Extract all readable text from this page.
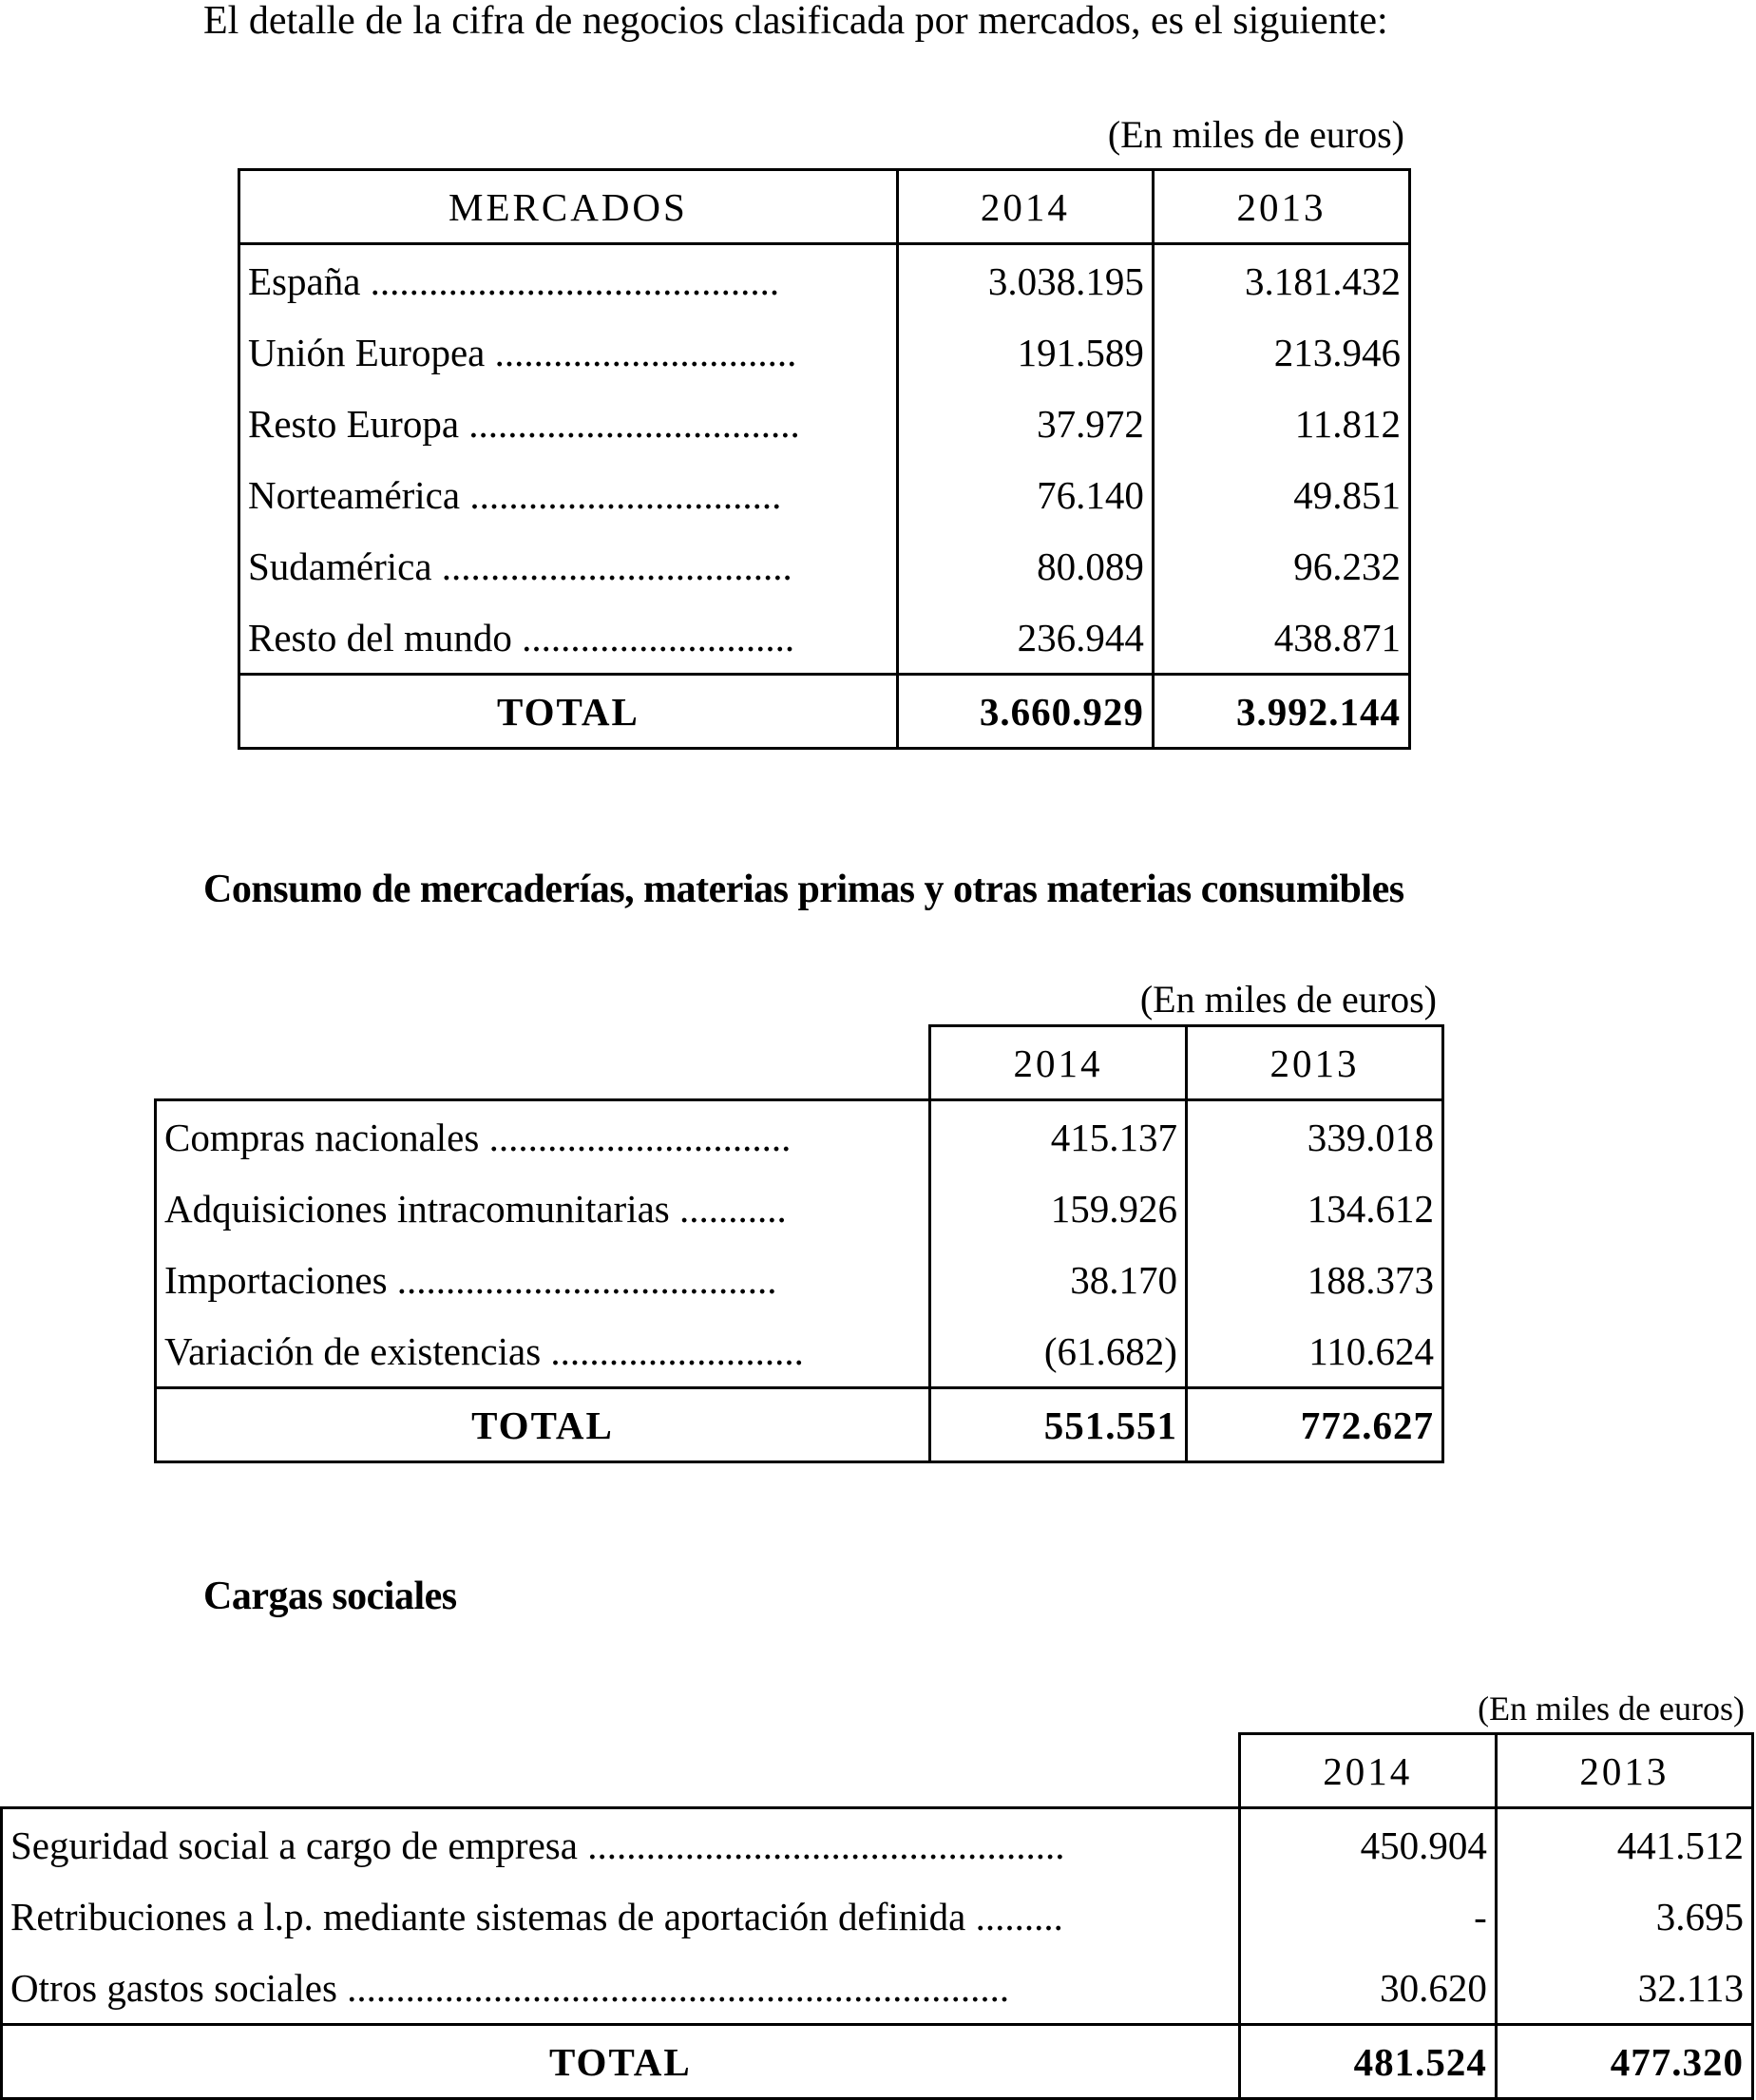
El detalle de la cifra de negocios clasificada por mercados, es el siguiente:
(En miles de euros)
MERCADOS	2014	2013
España ..........................................	3.038.195	3.181.432
Unión Europea ...............................	191.589	213.946
Resto Europa ..................................	37.972	11.812
Norteamérica ................................	76.140	49.851
Sudamérica ....................................	80.089	96.232
Resto del mundo ............................	236.944	438.871
TOTAL	3.660.929	3.992.144
Consumo de mercaderías, materias primas y otras materias consumibles
(En miles de euros)
	2014	2013
Compras nacionales ...............................	415.137	339.018
Adquisiciones intracomunitarias ...........	159.926	134.612
Importaciones .......................................	38.170	188.373
Variación de existencias ..........................	(61.682)	110.624
TOTAL	551.551	772.627
Cargas sociales
(En miles de euros)
	2014	2013
Seguridad social a cargo de empresa .................................................	450.904	441.512
Retribuciones a l.p. mediante sistemas de aportación definida .........	-	3.695
Otros gastos sociales ....................................................................	30.620	32.113
TOTAL	481.524	477.320
